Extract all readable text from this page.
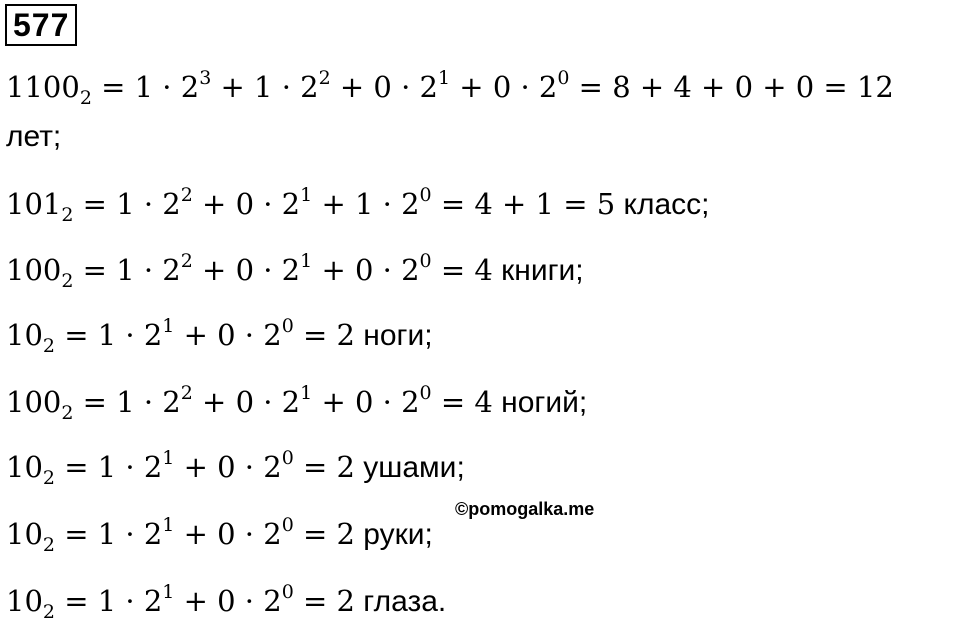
577
$1100_2 = 1 \cdot 2^3 + 1 \cdot 2^2 + 0 \cdot 2^1 + 0 \cdot 2^0 = 8 + 4 + 0 + 0 = 12$
лет;
$101_2 = 1 \cdot 2^2 + 0 \cdot 2^1 + 1 \cdot 2^0 = 4 + 1 = 5$ класс;
$100_2 = 1 \cdot 2^2 + 0 \cdot 2^1 + 0 \cdot 2^0 = 4$ книги;
$10_2 = 1 \cdot 2^1 + 0 \cdot 2^0 = 2$ ноги;
$100_2 = 1 \cdot 2^2 + 0 \cdot 2^1 + 0 \cdot 2^0 = 4$ ногий;
$10_2 = 1 \cdot 2^1 + 0 \cdot 2^0 = 2$ ушами;
©pomogalka.me
$10_2 = 1 \cdot 2^1 + 0 \cdot 2^0 = 2$ руки;
$10_2 = 1 \cdot 2^1 + 0 \cdot 2^0 = 2$ глаза.
